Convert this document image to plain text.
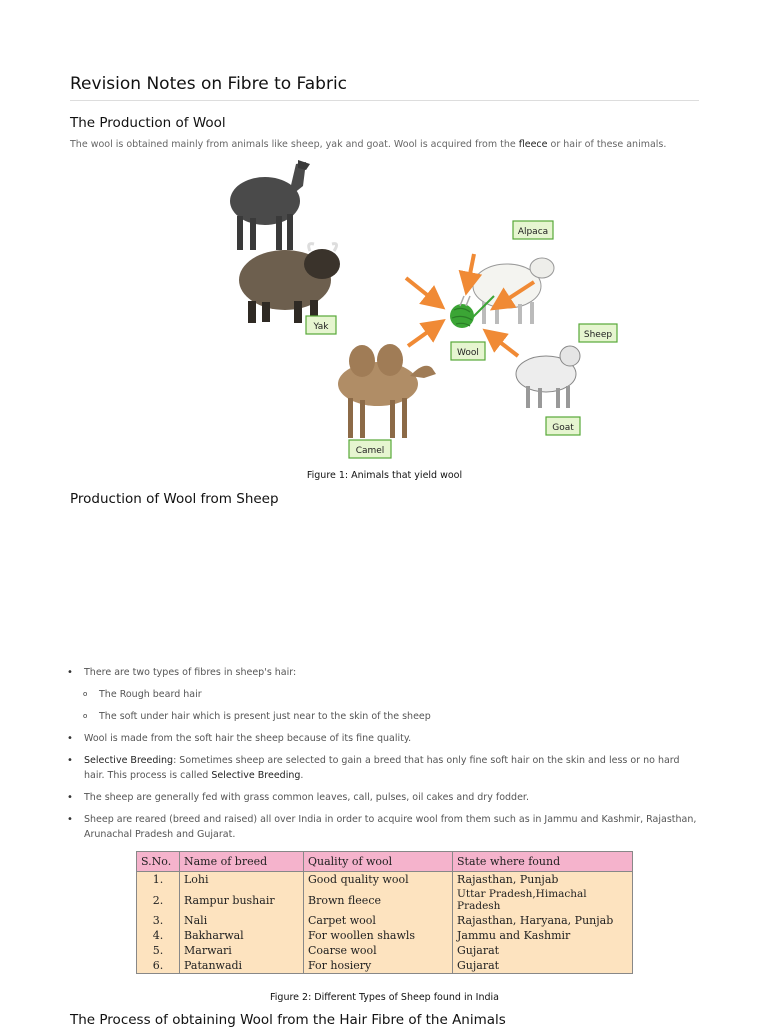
Revision Notes on Fibre to Fabric
The Production of Wool

The wool is obtained mainly from animals like sheep, yak and goat. Wool is acquired from the fleece or hair of these animals.

Alpaca
Yak
Sheep
Wool
Camel
Goat
Figure 1: Animals that yield wool
Production of Wool from Sheep
• There are two types of fibres in sheep's hair:
o The Rough beard hair
o The soft under hair which is present just near to the skin of the sheep
• Wool is made from the soft hair the sheep because of its fine quality.
• Selective Breeding: Sometimes sheep are selected to gain a breed that has only fine soft hair on the skin and less or no hard hair. This process is called Selective Breeding.
• The sheep are generally fed with grass common leaves, call, pulses, oil cakes and dry fodder.
• Sheep are reared (breed and raised) all over India in order to acquire wool from them such as in Jammu and Kashmir, Rajasthan, Arunachal Pradesh and Gujarat.
S.No.	Name of breed	Quality of wool	State where found
1.	Lohi	Good quality wool	Rajasthan, Punjab
2.	Rampur bushair	Brown fleece	Uttar Pradesh,Himachal Pradesh
3.	Nali	Carpet wool	Rajasthan, Haryana, Punjab
4.	Bakharwal	For woollen shawls	Jammu and Kashmir
5.	Marwari	Coarse wool	Gujarat
6.	Patanwadi	For hosiery	Gujarat
Figure 2: Different Types of Sheep found in India
The Process of obtaining Wool from the Hair Fibre of the Animals
